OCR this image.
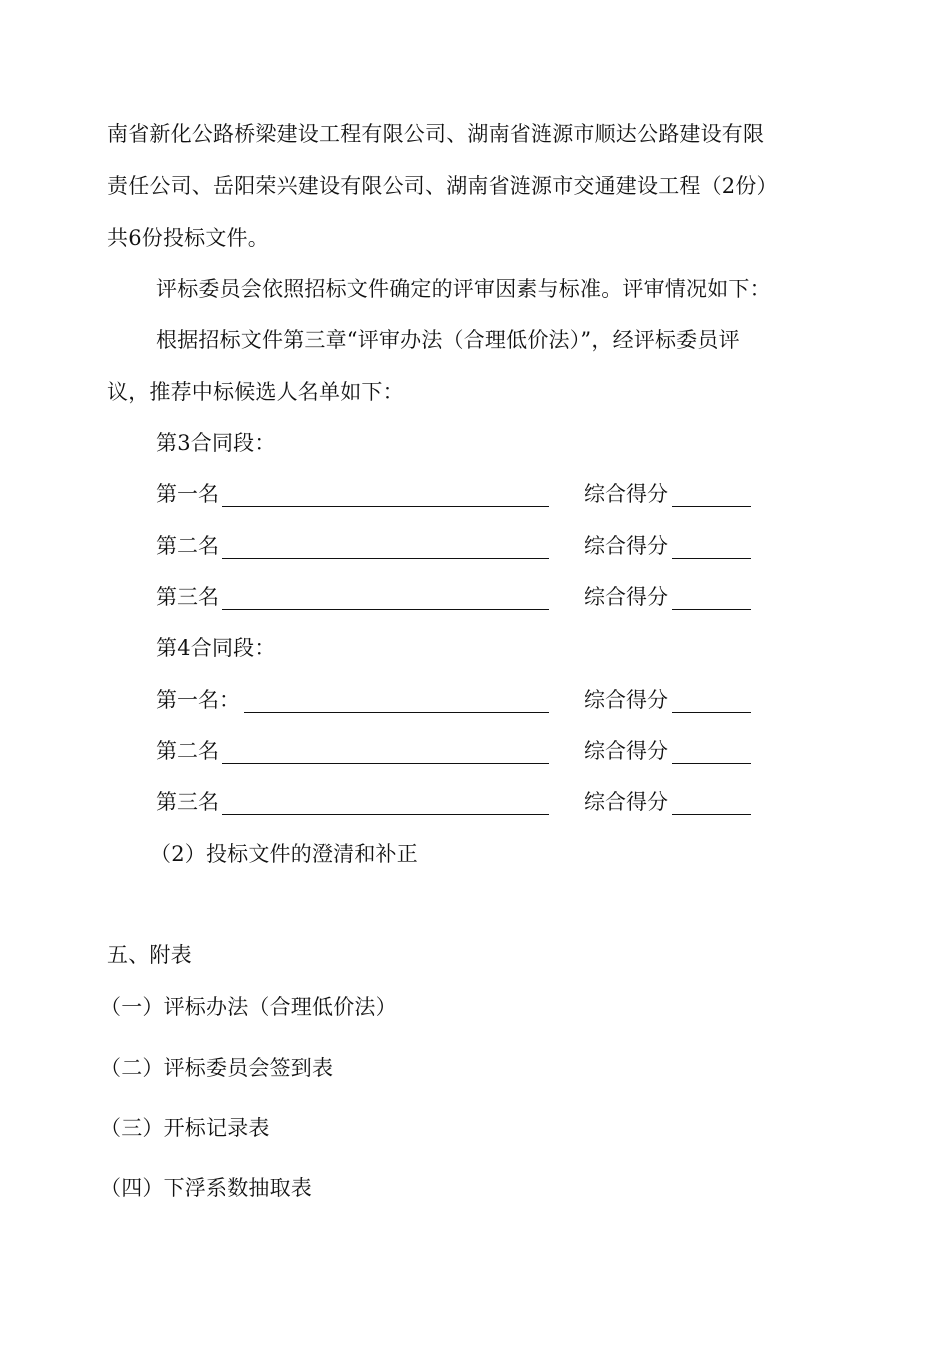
南省新化公路桥梁建设工程有限公司、湖南省涟源市顺达公路建设有限
责任公司、岳阳荣兴建设有限公司、湖南省涟源市交通建设工程（2份）
共6份投标文件。
评标委员会依照招标文件确定的评审因素与标准。评审情况如下：
根据招标文件第三章“评审办法（合理低价法）”，经评标委员评
议，推荐中标候选人名单如下：
第3合同段：
第一名	综合得分
第二名	综合得分
第三名	综合得分
第4合同段：
第一名：	综合得分
第二名	综合得分
第三名	综合得分
（2）投标文件的澄清和补正
五、附表
（一）评标办法（合理低价法）
（二）评标委员会签到表
（三）开标记录表
（四）下浮系数抽取表
